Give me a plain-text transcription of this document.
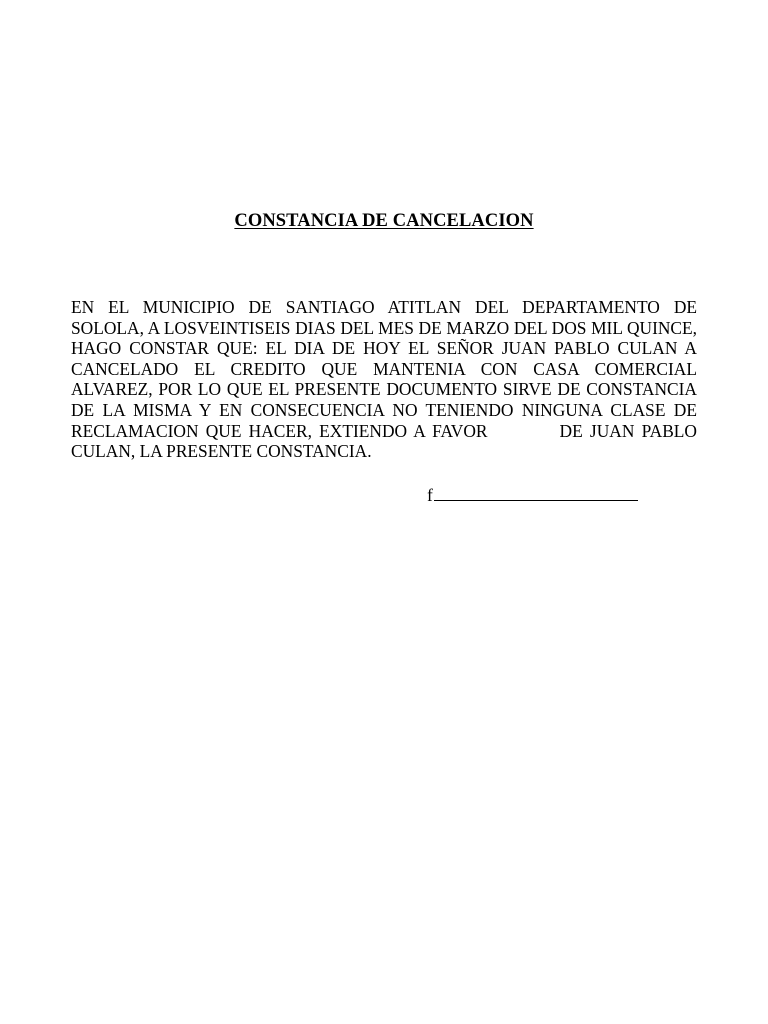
CONSTANCIA DE CANCELACION
EN EL MUNICIPIO DE SANTIAGO ATITLAN DEL DEPARTAMENTO DE SOLOLA, A LOSVEINTISEIS DIAS DEL MES DE MARZO DEL DOS MIL QUINCE, HAGO CONSTAR QUE: EL DIA DE HOY EL SEÑOR JUAN PABLO CULAN A CANCELADO EL CREDITO QUE MANTENIA CON CASA COMERCIAL ALVAREZ, POR LO QUE EL PRESENTE DOCUMENTO SIRVE DE CONSTANCIA DE LA MISMA Y EN CONSECUENCIA NO TENIENDO NINGUNA CLASE DE RECLAMACION QUE HACER, EXTIENDO A FAVOR          DE JUAN PABLO CULAN, LA PRESENTE CONSTANCIA.
f
